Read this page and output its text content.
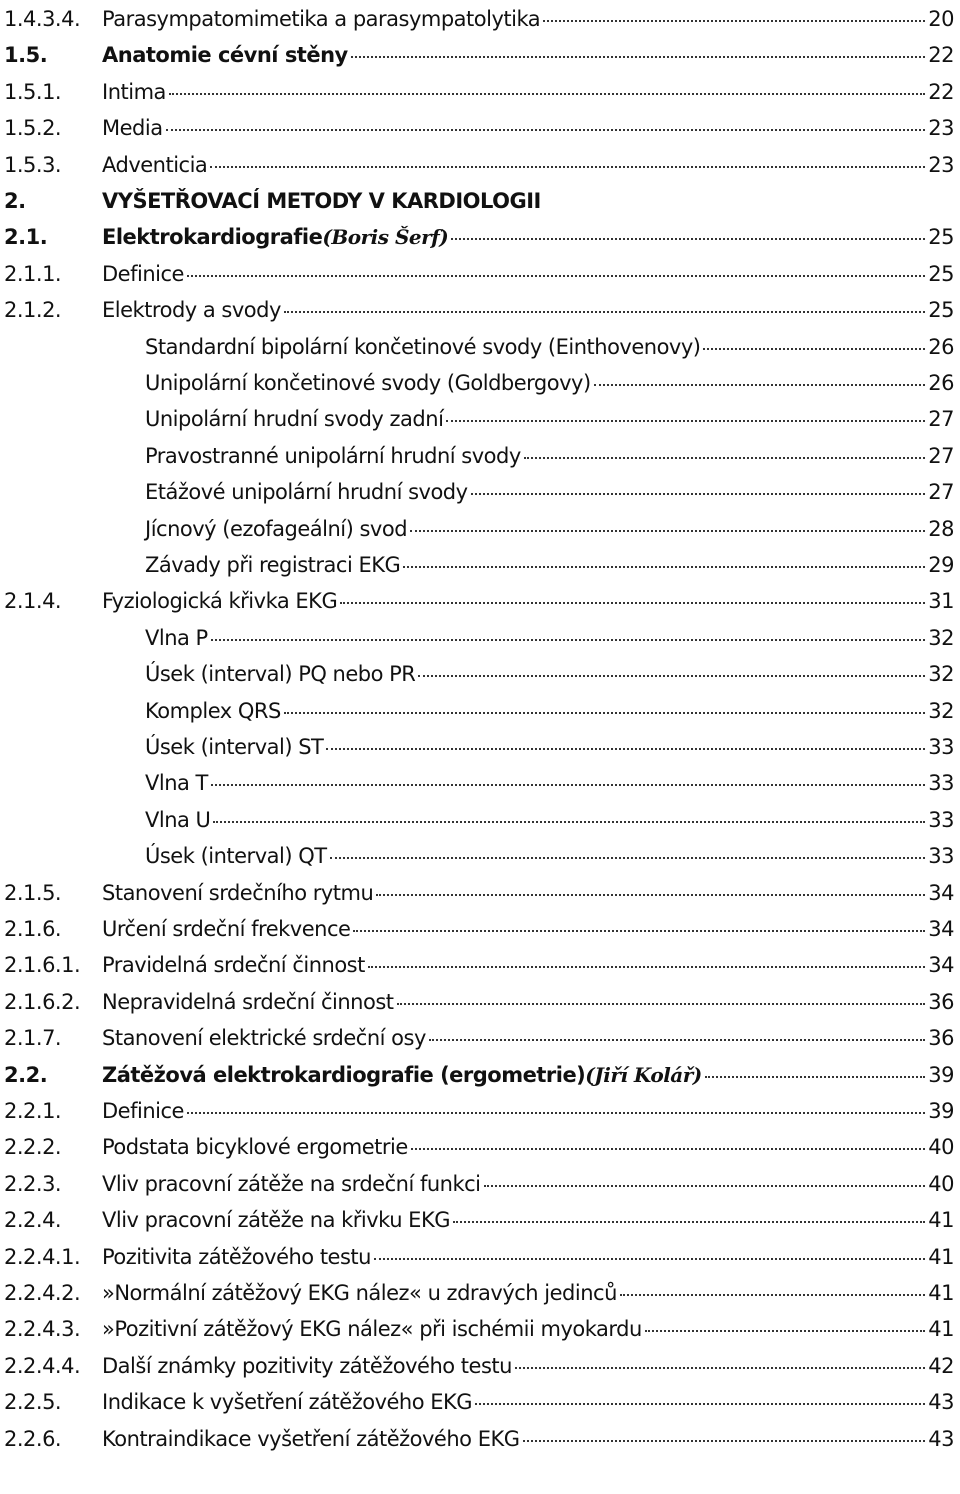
1.4.3.4. Parasympatomimetika a parasympatolytika	20
1.5.	Anatomie cévní stěny	22
1.5.1. Intima	22
1.5.2. Media	23
1.5.3. Adventicia	23
2.	VYŠETŘOVACÍ METODY V KARDIOLOGII
2.1.	Elektrokardiografie (Boris Šerf)	25
2.1.1. Definice	25
2.1.2. Elektrody a svody	25
Standardní bipolární končetinové svody (Einthovenovy)	26
Unipolární končetinové svody (Goldbergovy)	26
Unipolární hrudní svody zadní	27
Pravostranné unipolární hrudní svody	27
Etážové unipolární hrudní svody	27
Jícnový (ezofageální) svod	28
Závady při registraci EKG	29
2.1.4. Fyziologická křivka EKG	31
Vlna P	32
Úsek (interval) PQ nebo PR	32
Komplex QRS	32
Úsek (interval) ST	33
Vlna T	33
Vlna U	33
Úsek (interval) QT	33
2.1.5. Stanovení srdečního rytmu	34
2.1.6. Určení srdeční frekvence	34
2.1.6.1. Pravidelná srdeční činnost	34
2.1.6.2. Nepravidelná srdeční činnost	36
2.1.7. Stanovení elektrické srdeční osy	36
2.2.	Zátěžová elektrokardiografie (ergometrie) (Jiří Kolář)	39
2.2.1. Definice	39
2.2.2. Podstata bicyklové ergometrie	40
2.2.3. Vliv pracovní zátěže na srdeční funkci	40
2.2.4. Vliv pracovní zátěže na křivku EKG	41
2.2.4.1. Pozitivita zátěžového testu	41
2.2.4.2. »Normální zátěžový EKG nález« u zdravých jedinců	41
2.2.4.3. »Pozitivní zátěžový EKG nález« při ischémii myokardu	41
2.2.4.4. Další známky pozitivity zátěžového testu	42
2.2.5. Indikace k vyšetření zátěžového EKG	43
2.2.6. Kontraindikace vyšetření zátěžového EKG	43
